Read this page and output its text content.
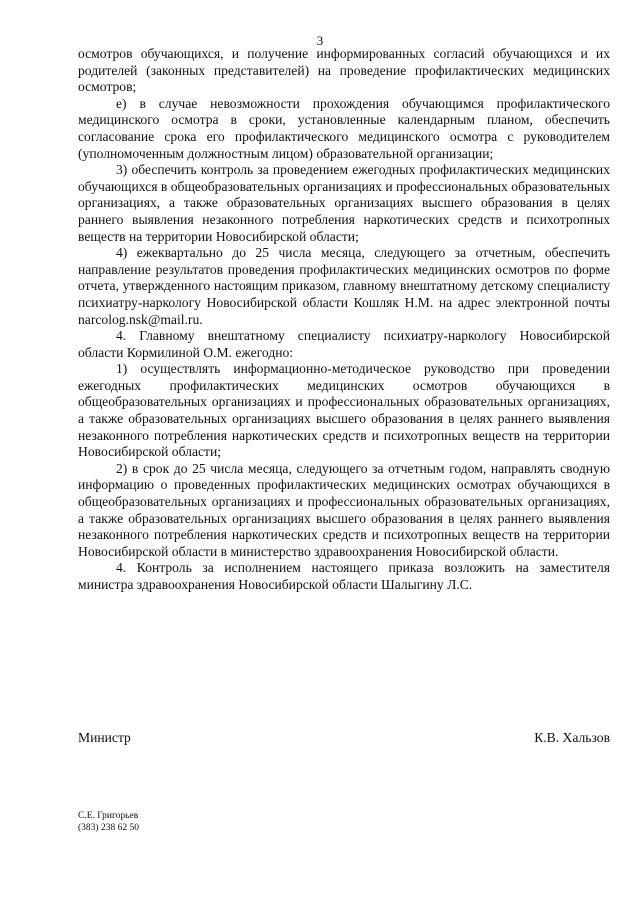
3

осмотров обучающихся, и получение информированных согласий обучающихся и их родителей (законных представителей) на проведение профилактических медицинских осмотров;

е) в случае невозможности прохождения обучающимся профилактического медицинского осмотра в сроки, установленные календарным планом, обеспечить согласование срока его профилактического медицинского осмотра с руководителем (уполномоченным должностным лицом) образовательной организации;

3) обеспечить контроль за проведением ежегодных профилактических медицинских обучающихся в общеобразовательных организациях и профессиональных образовательных организациях, а также образовательных организациях высшего образования в целях раннего выявления незаконного потребления наркотических средств и психотропных веществ на территории Новосибирской области;

4) ежеквартально до 25 числа месяца, следующего за отчетным, обеспечить направление результатов проведения профилактических медицинских осмотров по форме отчета, утвержденного настоящим приказом, главному внештатному детскому специалисту психиатру-наркологу Новосибирской области Кошляк Н.М. на адрес электронной почты narcolog.nsk@mail.ru.

4. Главному внештатному специалисту психиатру-наркологу Новосибирской области Кормилиной О.М. ежегодно:

1) осуществлять информационно-методическое руководство при проведении ежегодных профилактических медицинских осмотров обучающихся в общеобразовательных организациях и профессиональных образовательных организациях, а также образовательных организациях высшего образования в целях раннего выявления незаконного потребления наркотических средств и психотропных веществ на территории Новосибирской области;

2) в срок до 25 числа месяца, следующего за отчетным годом, направлять сводную информацию о проведенных профилактических медицинских осмотрах обучающихся в общеобразовательных организациях и профессиональных образовательных организациях, а также образовательных организациях высшего образования в целях раннего выявления незаконного потребления наркотических средств и психотропных веществ на территории Новосибирской области в министерство здравоохранения Новосибирской области.

4. Контроль за исполнением настоящего приказа возложить на заместителя министра здравоохранения Новосибирской области Шалыгину Л.С.

Министр	К.В. Хальзов
С.Е. Григорьев
(383) 238 62 50
